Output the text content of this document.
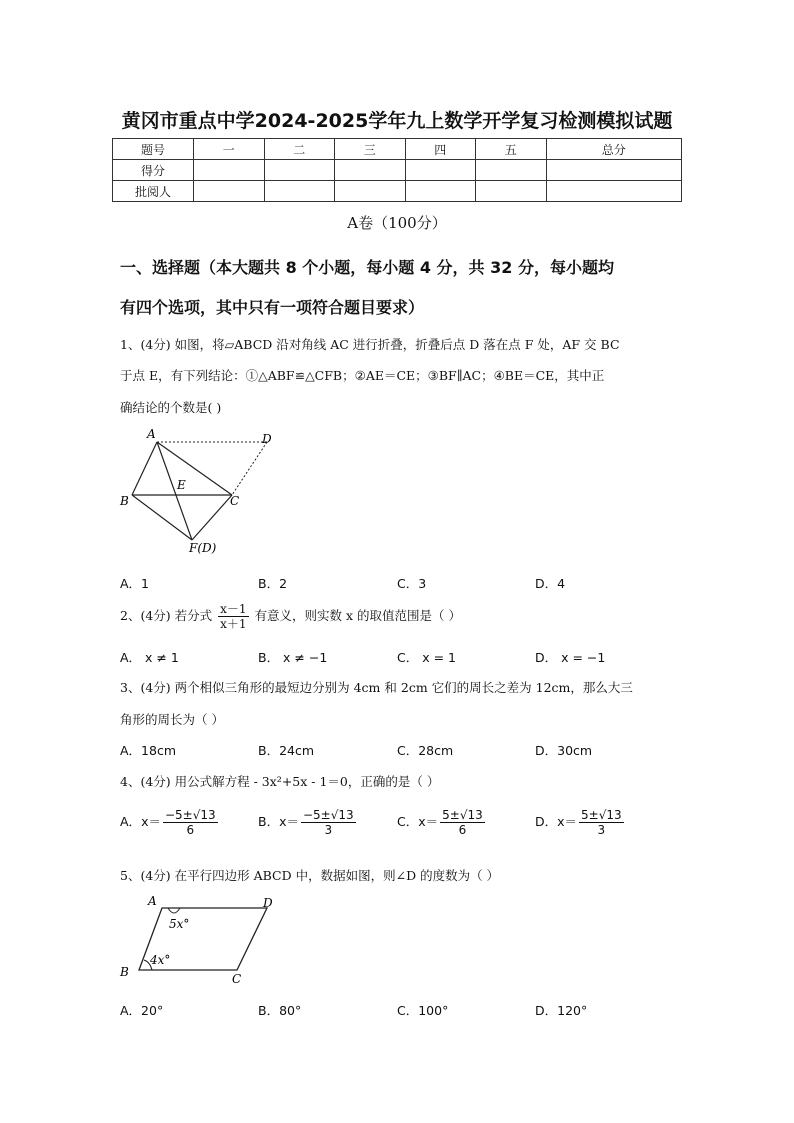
黄冈市重点中学2024-2025学年九上数学开学复习检测模拟试题
题号	一	二	三	四	五	总分
得分						
批阅人						
A卷（100分）
一、选择题（本大题共 8 个小题，每小题 4 分，共 32 分，每小题均
有四个选项，其中只有一项符合题目要求）
1、(4分) 如图，将▱ABCD 沿对角线 AC 进行折叠，折叠后点 D 落在点 F 处，AF 交 BC
于点 E，有下列结论：①△ABF≌△CFB；②AE＝CE；③BF∥AC；④BE＝CE，其中正
确结论的个数是( )
A	D
B
E
C
F(D)
A．1	B．2	C．3	D．4
2、(4分) 若分式 $\frac{x-1}{x+1}$ 有意义，则实数 x 的取值范围是（ ）
A． x ≠ 1	B． x ≠ −1	C． x = 1	D． x = −1
3、(4分) 两个相似三角形的最短边分别为 4cm 和 2cm 它们的周长之差为 12cm，那么大三
角形的周长为（ ）
A．18cm	B．24cm	C．28cm	D．30cm
4、(4分) 用公式解方程 - 3x²+5x - 1＝0，正确的是（ ）
A．$x= \frac{-5\pm√13}{6}$	B．$x= \frac{-5\pm√13}{3}$	C．$x= \frac{5\pm√13}{6}$	D．$x= \frac{5\pm√13}{3}$
5、(4分) 在平行四边形 ABCD 中，数据如图，则∠D 的度数为（ ）
A	D
B	C
5x°
4x°
A．20°	B．80°	C．100°	D．120°
